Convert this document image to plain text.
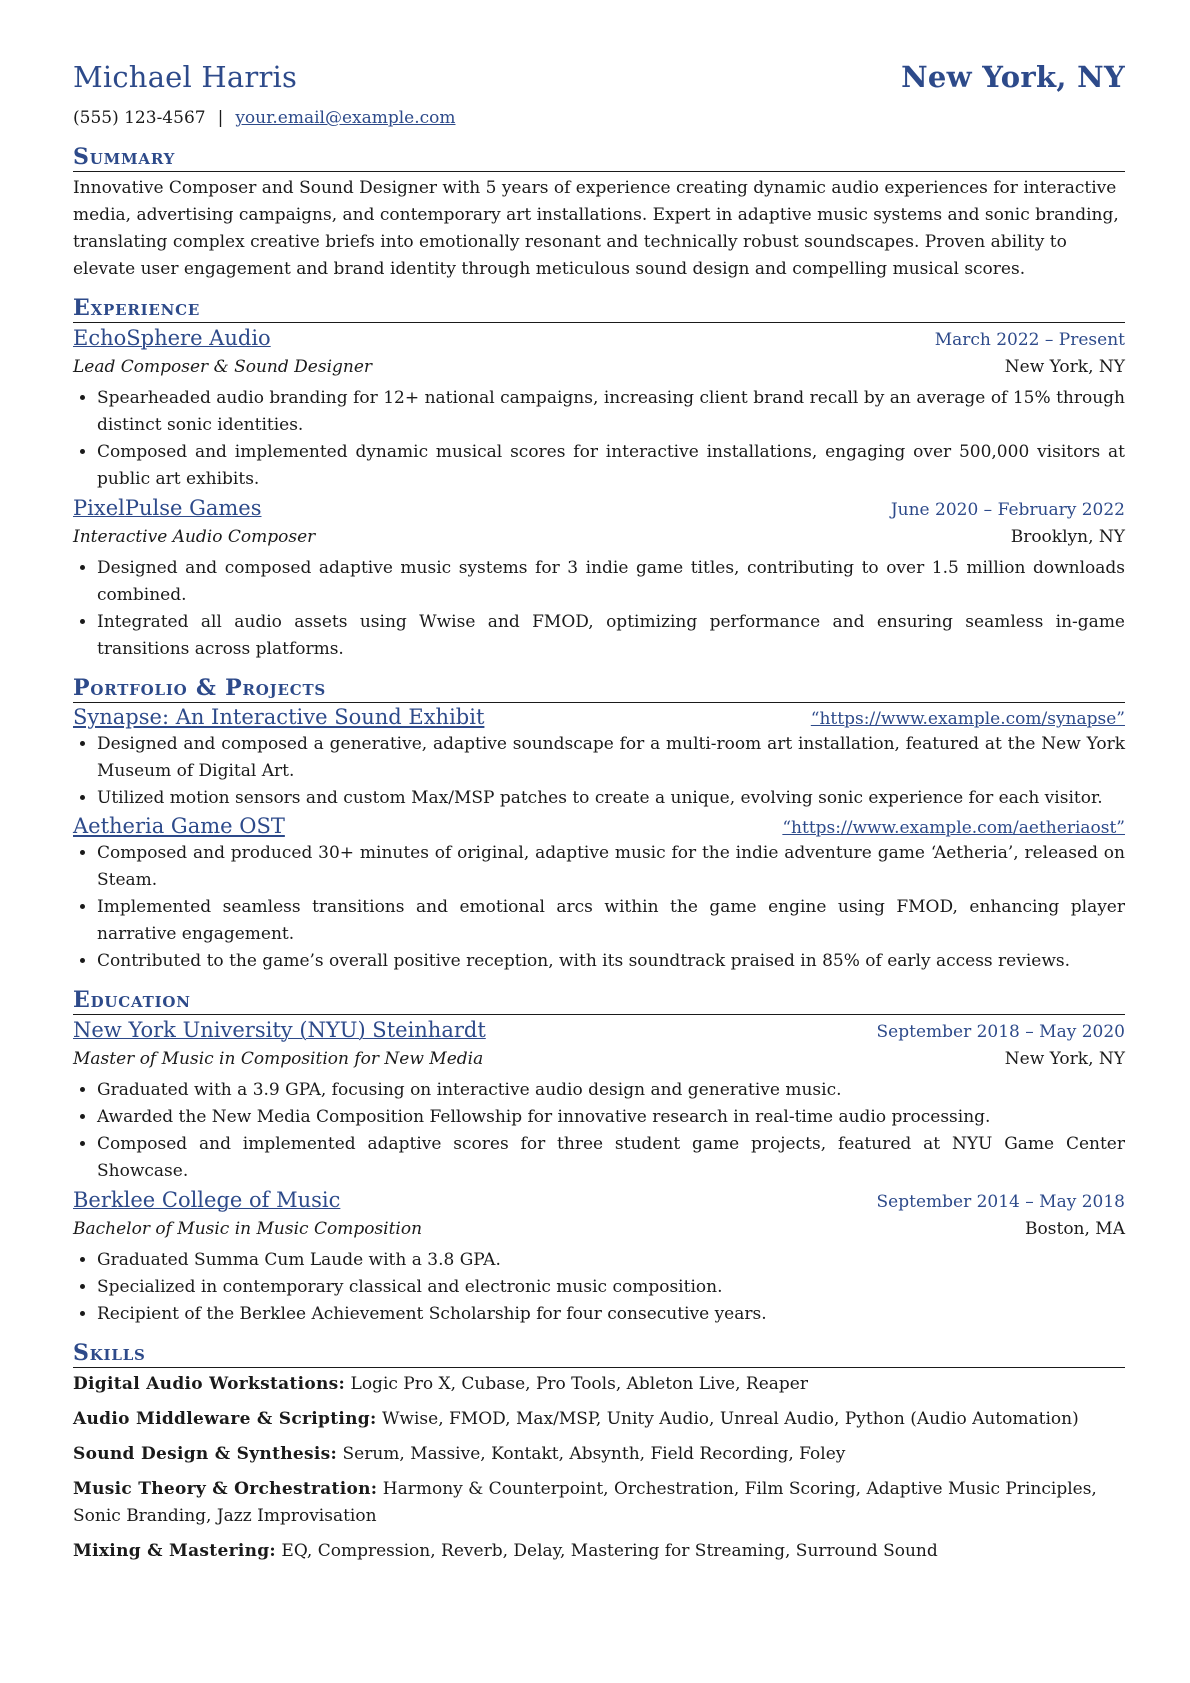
Michael Harris	New York, NY
(555) 123-4567 | your.email@example.com
Summary

Innovative Composer and Sound Designer with 5 years of experience creating dynamic audio experiences for interactive media, advertising campaigns, and contemporary art installations. Expert in adaptive music systems and sonic branding, translating complex creative briefs into emotionally resonant and technically robust soundscapes. Proven ability to elevate user engagement and brand identity through meticulous sound design and compelling musical scores.

Experience
EchoSphere Audio	March 2022 – Present
Lead Composer & Sound Designer	New York, NY
• Spearheaded audio branding for 12+ national campaigns, increasing client brand recall by an average of 15% through distinct sonic identities.
• Composed and implemented dynamic musical scores for interactive installations, engaging over 500,000 visitors at public art exhibits.
PixelPulse Games	June 2020 – February 2022
Interactive Audio Composer	Brooklyn, NY
• Designed and composed adaptive music systems for 3 indie game titles, contributing to over 1.5 million downloads combined.
• Integrated all audio assets using Wwise and FMOD, optimizing performance and ensuring seamless in-game transitions across platforms.
Portfolio & Projects
Synapse: An Interactive Sound Exhibit	“https://www.example.com/synapse”
• Designed and composed a generative, adaptive soundscape for a multi-room art installation, featured at the New York Museum of Digital Art.
• Utilized motion sensors and custom Max/MSP patches to create a unique, evolving sonic experience for each visitor.
Aetheria Game OST	“https://www.example.com/aetheriaost”
• Composed and produced 30+ minutes of original, adaptive music for the indie adventure game ‘Aetheria’, released on Steam.
• Implemented seamless transitions and emotional arcs within the game engine using FMOD, enhancing player narrative engagement.
• Contributed to the game’s overall positive reception, with its soundtrack praised in 85% of early access reviews.
Education
New York University (NYU) Steinhardt	September 2018 – May 2020
Master of Music in Composition for New Media	New York, NY
• Graduated with a 3.9 GPA, focusing on interactive audio design and generative music.
• Awarded the New Media Composition Fellowship for innovative research in real-time audio processing.
• Composed and implemented adaptive scores for three student game projects, featured at NYU Game Center Showcase.
Berklee College of Music	September 2014 – May 2018
Bachelor of Music in Music Composition	Boston, MA
• Graduated Summa Cum Laude with a 3.8 GPA.
• Specialized in contemporary classical and electronic music composition.
• Recipient of the Berklee Achievement Scholarship for four consecutive years.
Skills
Digital Audio Workstations: Logic Pro X, Cubase, Pro Tools, Ableton Live, Reaper
Audio Middleware & Scripting: Wwise, FMOD, Max/MSP, Unity Audio, Unreal Audio, Python (Audio Automation)
Sound Design & Synthesis: Serum, Massive, Kontakt, Absynth, Field Recording, Foley
Music Theory & Orchestration: Harmony & Counterpoint, Orchestration, Film Scoring, Adaptive Music Principles, Sonic Branding, Jazz Improvisation
Mixing & Mastering: EQ, Compression, Reverb, Delay, Mastering for Streaming, Surround Sound
